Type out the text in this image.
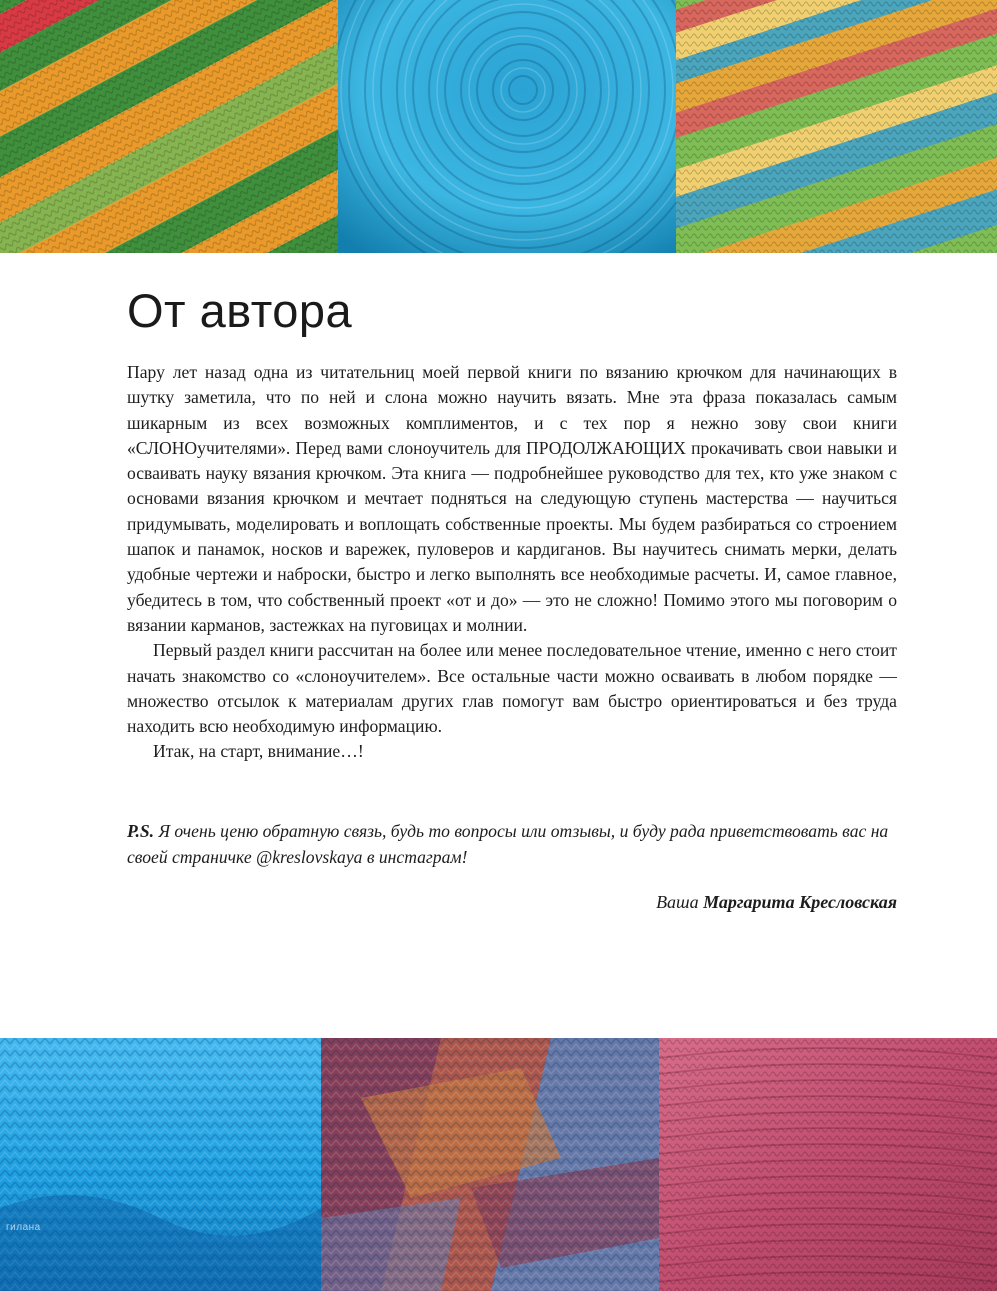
От автора

Пару лет назад одна из читательниц моей первой книги по вязанию крючком для начинающих в шутку заметила, что по ней и слона можно научить вязать. Мне эта фраза показалась самым шикарным из всех возможных комплиментов, и с тех пор я нежно зову свои книги «СЛОНОучителями». Перед вами слоноучитель для ПРОДОЛЖАЮЩИХ прокачивать свои навыки и осваивать науку вязания крючком. Эта книга — подробнейшее руководство для тех, кто уже знаком с основами вязания крючком и мечтает подняться на следующую ступень мастерства — научиться придумывать, моделировать и воплощать собственные проекты. Мы будем разбираться со строением шапок и панамок, носков и варежек, пуловеров и кардиганов. Вы научитесь снимать мерки, делать удобные чертежи и наброски, быстро и легко выполнять все необходимые расчеты. И, самое главное, убедитесь в том, что собственный проект «от и до» — это не сложно! Помимо этого мы поговорим о вязании карманов, застежках на пуговицах и молнии.

Первый раздел книги рассчитан на более или менее последовательное чтение, именно с него стоит начать знакомство со «слоноучителем». Все остальные части можно осваивать в любом порядке — множество отсылок к материалам других глав помогут вам быстро ориентироваться и без труда находить всю необходимую информацию.

Итак, на старт, внимание…!

P.S. Я очень ценю обратную связь, будь то вопросы или отзывы, и буду рада приветствовать вас на своей страничке @kreslovskaya в инстаграм!

Ваша Маргарита Кресловская

гилана
